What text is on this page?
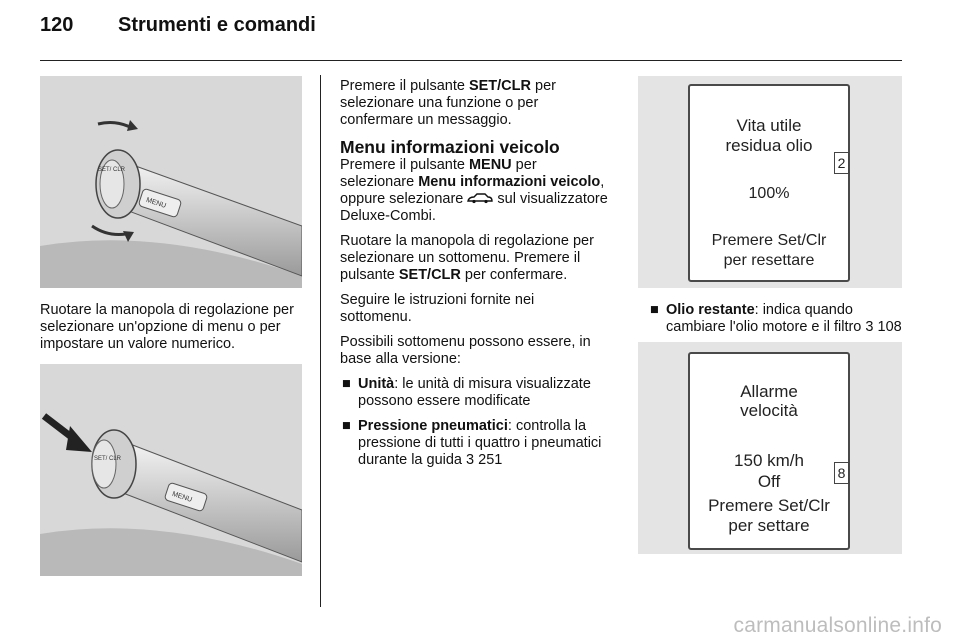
120 Strumenti e comandi
MENU
SET/ CLR
Ruotare la manopola di regolazione per selezionare un'opzione di menu o per impostare un valore numerico.
MENU
SET/ CLR

Premere il pulsante SET/CLR per selezionare una funzione o per confermare un messaggio.

Menu informazioni veicolo

Premere il pulsante MENU per selezionare Menu informazioni veicolo, oppure selezionare  sul visualizzatore Deluxe-Combi.

Ruotare la manopola di regolazione per selezionare un sottomenu. Premere il pulsante SET/CLR per confermare.

Seguire le istruzioni fornite nei sottomenu.

Possibili sottomenu possono essere, in base alla versione:

■ Unità: le unità di misura visualizzate possono essere modificate
■ Pressione pneumatici: controlla la pressione di tutti i quattro i pneumatici durante la guida 3 251
Vita utile
residua olio
100%
Premere Set/Clr
per resettare
2
■ Olio restante: indica quando cambiare l'olio motore e il filtro 3 108
Allarme
velocità
150 km/h
Off
Premere Set/Clr
per settare
8
carmanualsonline.info
